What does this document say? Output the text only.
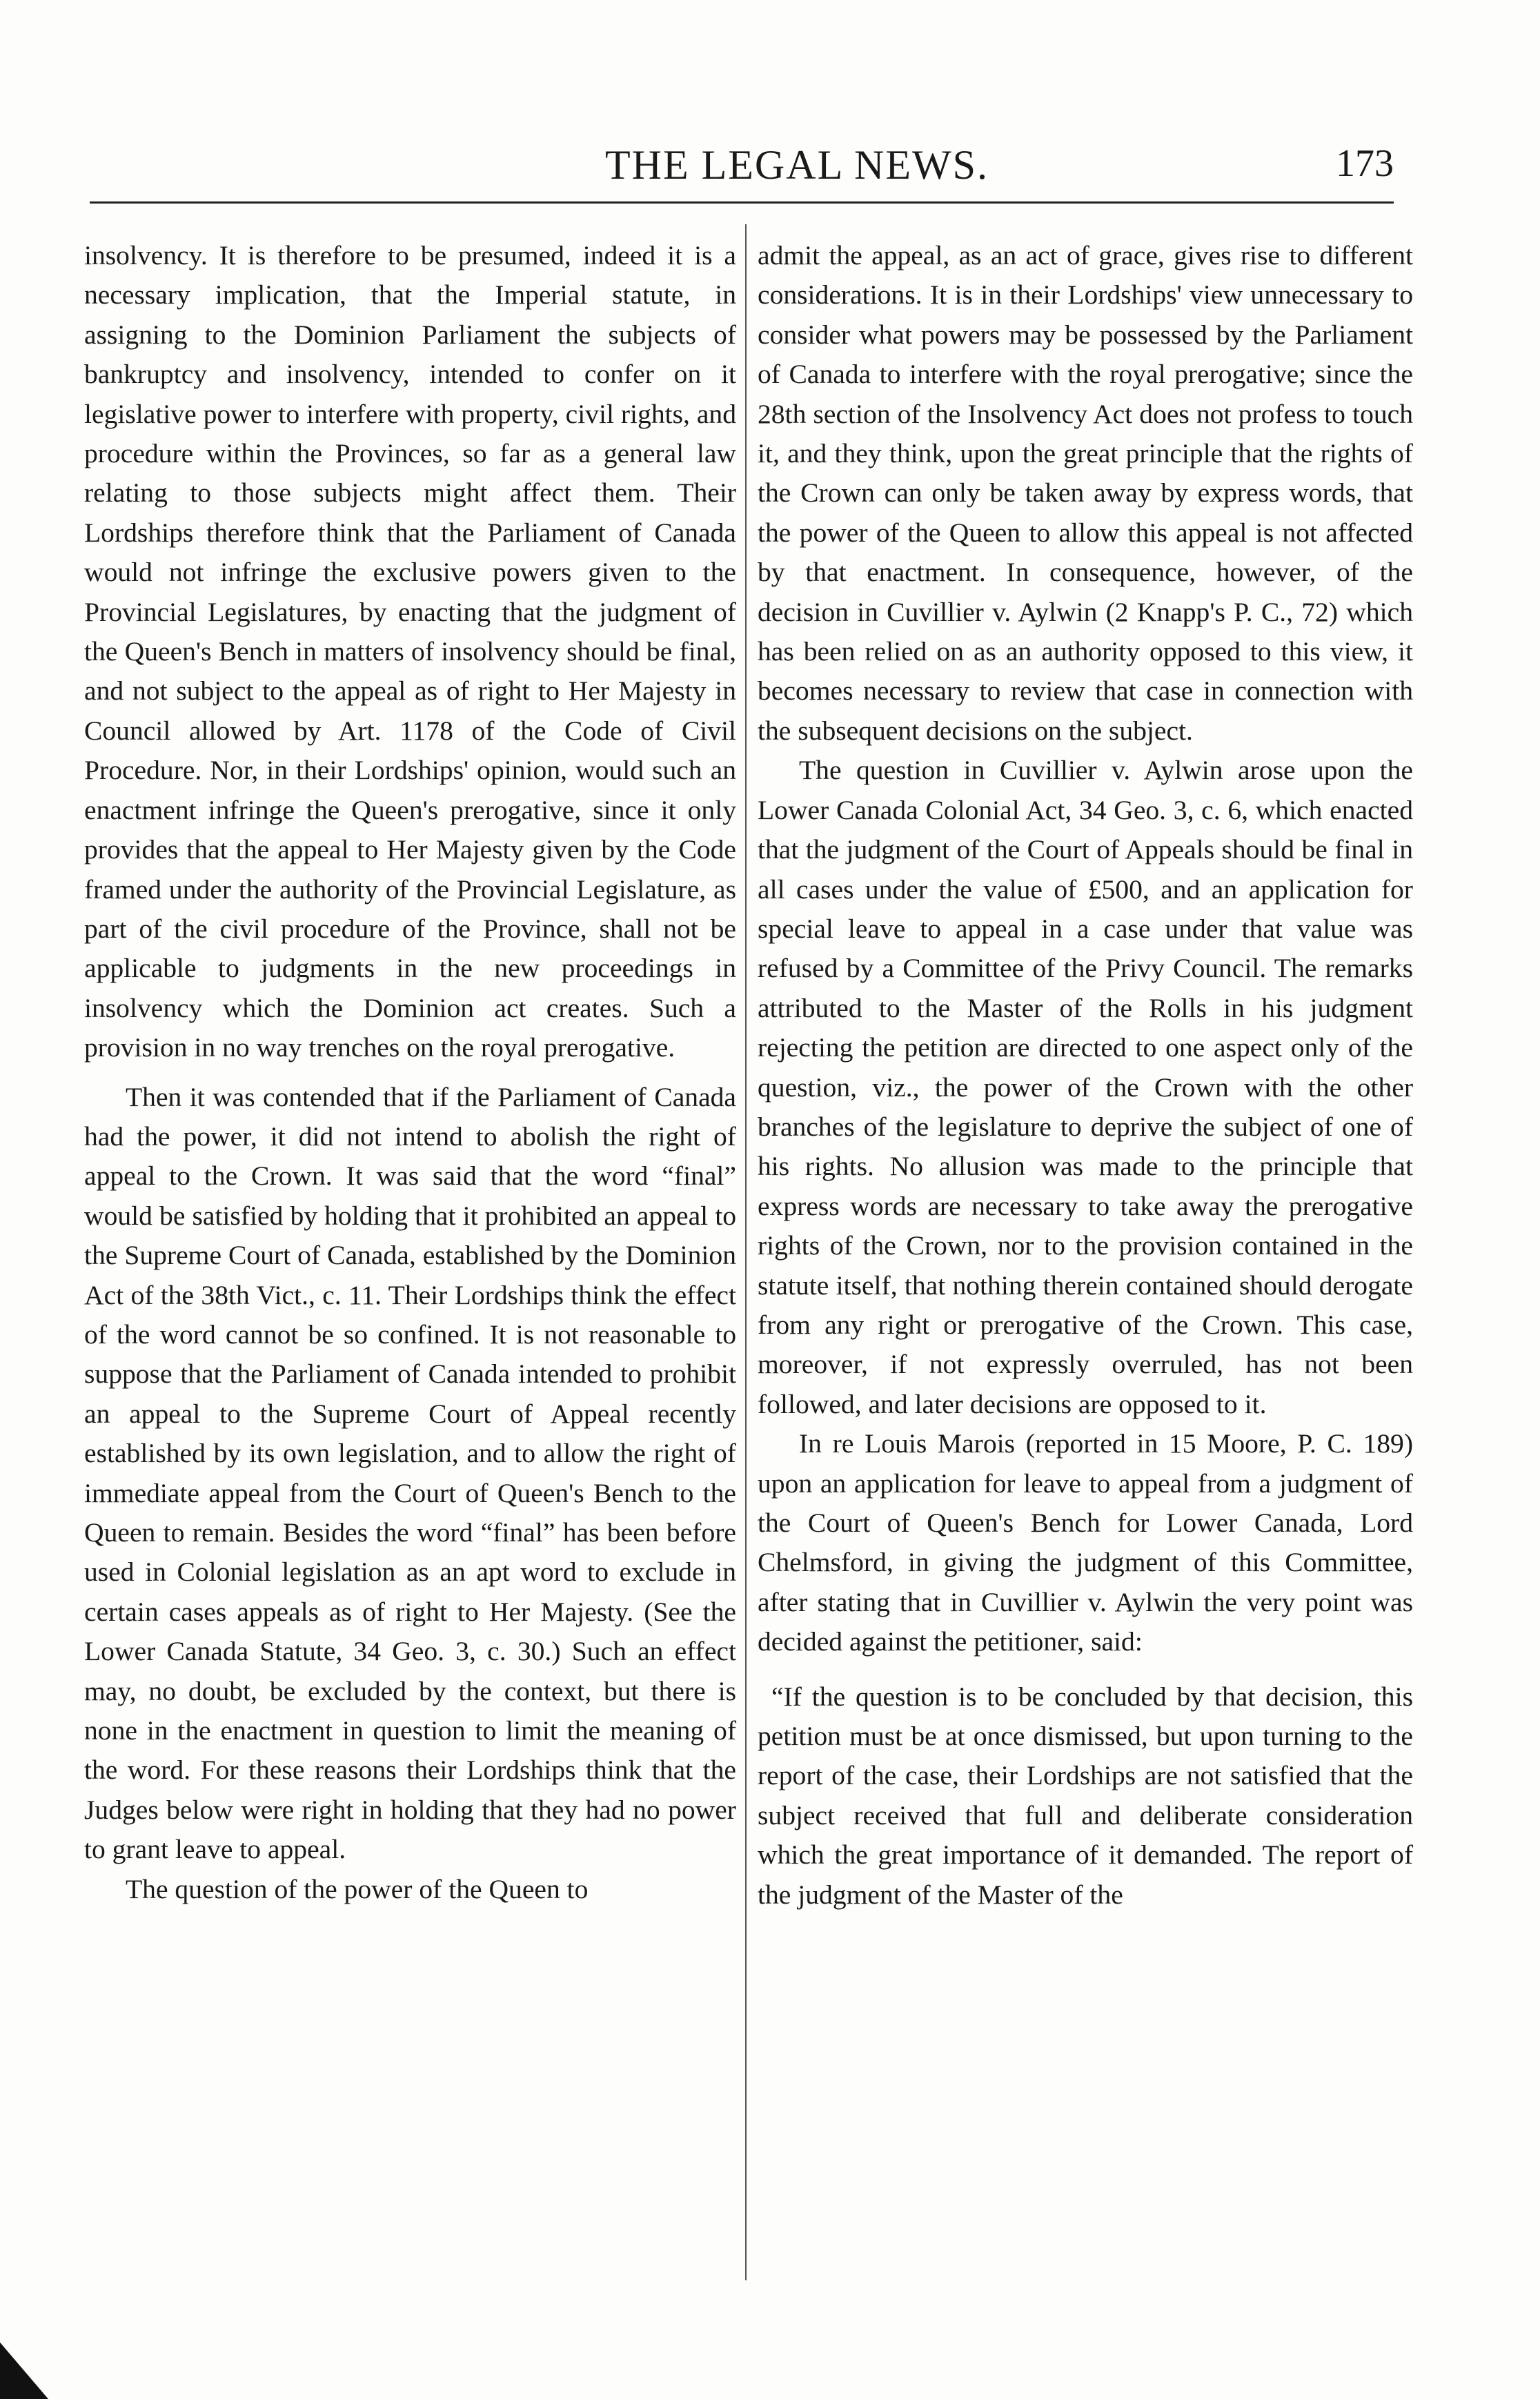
THE LEGAL NEWS.	173

insolvency. It is therefore to be presumed, indeed it is a necessary implication, that the Imperial statute, in assigning to the Dominion Parliament the subjects of bankruptcy and insolvency, intended to confer on it legislative power to interfere with property, civil rights, and procedure within the Provinces, so far as a general law relating to those subjects might affect them. Their Lordships therefore think that the Parliament of Canada would not infringe the exclusive powers given to the Provincial Legislatures, by enacting that the judgment of the Queen's Bench in matters of insolvency should be final, and not subject to the appeal as of right to Her Majesty in Council allowed by Art. 1178 of the Code of Civil Procedure. Nor, in their Lordships' opinion, would such an enactment infringe the Queen's prerogative, since it only provides that the appeal to Her Majesty given by the Code framed under the authority of the Provincial Legislature, as part of the civil procedure of the Province, shall not be applicable to judgments in the new proceedings in insolvency which the Dominion act creates. Such a provision in no way trenches on the royal prerogative.

Then it was contended that if the Parliament of Canada had the power, it did not intend to abolish the right of appeal to the Crown. It was said that the word “final” would be satisfied by holding that it prohibited an appeal to the Supreme Court of Canada, established by the Dominion Act of the 38th Vict., c. 11. Their Lordships think the effect of the word cannot be so confined. It is not reasonable to suppose that the Parliament of Canada intended to prohibit an appeal to the Supreme Court of Appeal recently established by its own legislation, and to allow the right of immediate appeal from the Court of Queen's Bench to the Queen to remain. Besides the word “final” has been before used in Colonial legislation as an apt word to exclude in certain cases appeals as of right to Her Majesty. (See the Lower Canada Statute, 34 Geo. 3, c. 30.) Such an effect may, no doubt, be excluded by the context, but there is none in the enactment in question to limit the meaning of the word. For these reasons their Lordships think that the Judges below were right in holding that they had no power to grant leave to appeal.

The question of the power of the Queen to

admit the appeal, as an act of grace, gives rise to different considerations. It is in their Lordships' view unnecessary to consider what powers may be possessed by the Parliament of Canada to interfere with the royal prerogative; since the 28th section of the Insolvency Act does not profess to touch it, and they think, upon the great principle that the rights of the Crown can only be taken away by express words, that the power of the Queen to allow this appeal is not affected by that enactment. In consequence, however, of the decision in Cuvillier v. Aylwin (2 Knapp's P. C., 72) which has been relied on as an authority opposed to this view, it becomes necessary to review that case in connection with the subsequent decisions on the subject.

The question in Cuvillier v. Aylwin arose upon the Lower Canada Colonial Act, 34 Geo. 3, c. 6, which enacted that the judgment of the Court of Appeals should be final in all cases under the value of £500, and an application for special leave to appeal in a case under that value was refused by a Committee of the Privy Council. The remarks attributed to the Master of the Rolls in his judgment rejecting the petition are directed to one aspect only of the question, viz., the power of the Crown with the other branches of the legislature to deprive the subject of one of his rights. No allusion was made to the principle that express words are necessary to take away the prerogative rights of the Crown, nor to the provision contained in the statute itself, that nothing therein contained should derogate from any right or prerogative of the Crown. This case, moreover, if not expressly overruled, has not been followed, and later decisions are opposed to it.

In re Louis Marois (reported in 15 Moore, P. C. 189) upon an application for leave to appeal from a judgment of the Court of Queen's Bench for Lower Canada, Lord Chelmsford, in giving the judgment of this Committee, after stating that in Cuvillier v. Aylwin the very point was decided against the petitioner, said:

“If the question is to be concluded by that decision, this petition must be at once dismissed, but upon turning to the report of the case, their Lordships are not satisfied that the subject received that full and deliberate consideration which the great importance of it demanded. The report of the judgment of the Master of the
